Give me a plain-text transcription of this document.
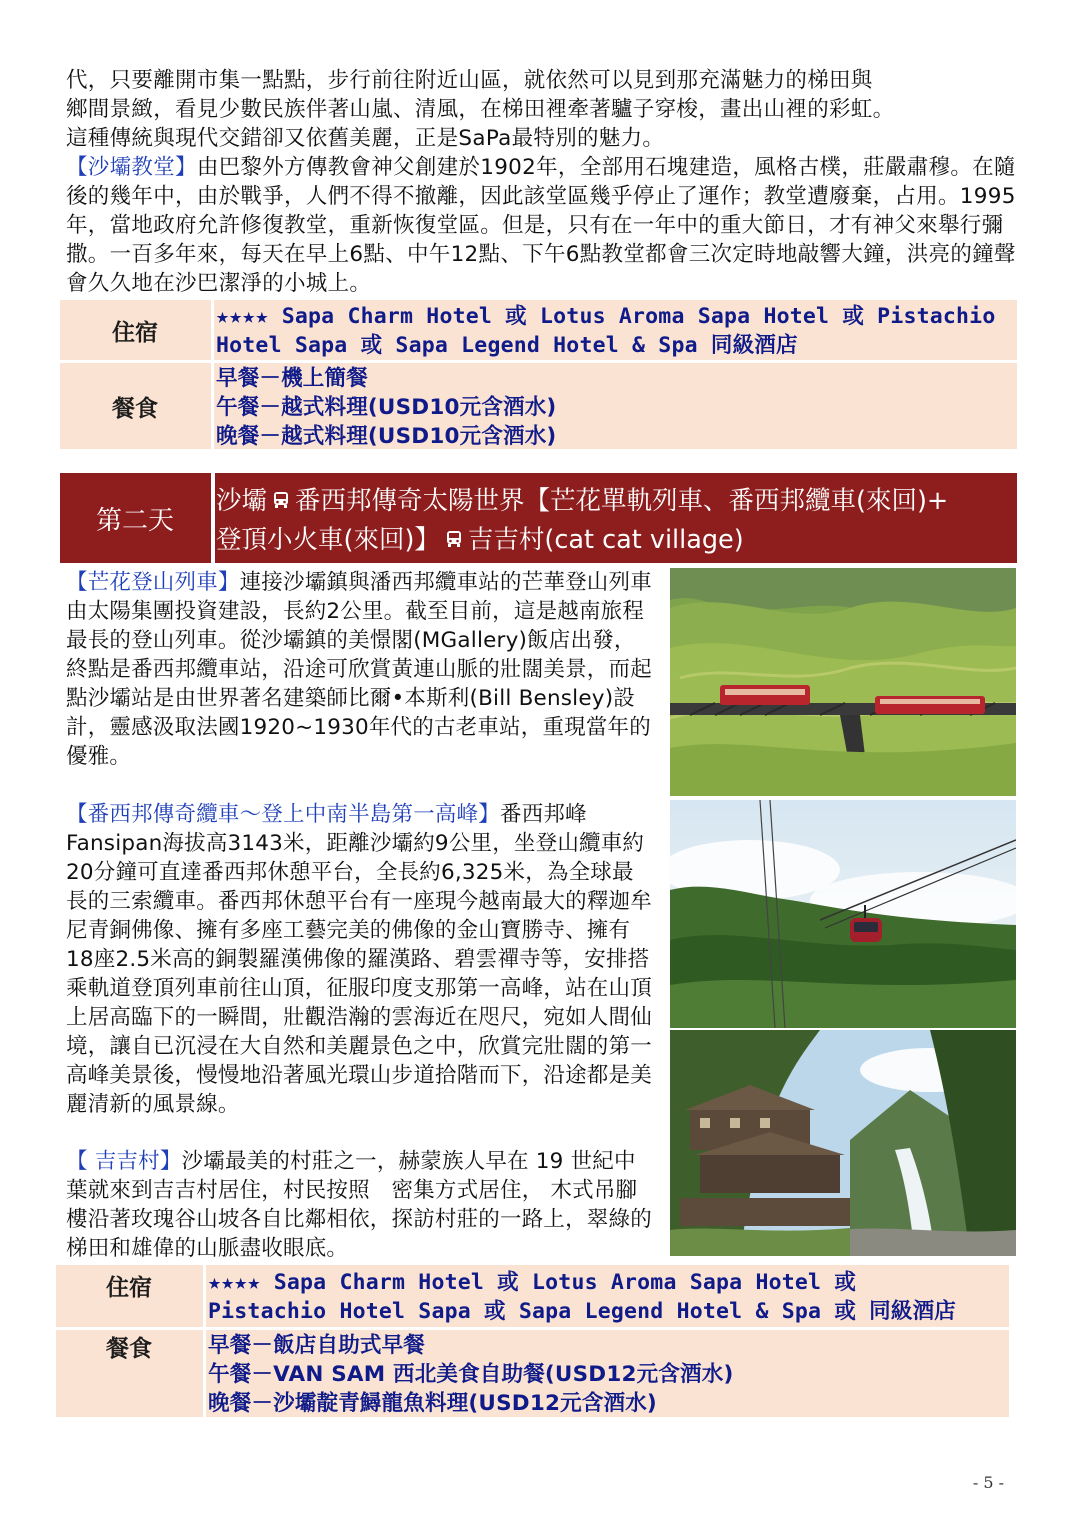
代，只要離開市集一點點，步行前往附近山區，就依然可以見到那充滿魅力的梯田與
鄉間景緻，看見少數民族伴著山嵐、清風，在梯田裡牽著驢子穿梭，畫出山裡的彩虹。
這種傳統與現代交錯卻又依舊美麗，正是SaPa最特別的魅力。

【沙壩教堂】由巴黎外方傳教會神父創建於1902年，全部用石塊建造，風格古樸，莊嚴肅穆。在隨後的幾年中，由於戰爭，人們不得不撤離，因此該堂區幾乎停止了運作；教堂遭廢棄，占用。1995年，當地政府允許修復教堂，重新恢復堂區。但是，只有在一年中的重大節日，才有神父來舉行彌撒。一百多年來，每天在早上6點、中午12點、下午6點教堂都會三次定時地敲響大鐘，洪亮的鐘聲會久久地在沙巴潔淨的小城上。

住宿
★★★★ Sapa Charm Hotel 或 Lotus Aroma Sapa Hotel 或 Pistachio
Hotel Sapa 或 Sapa Legend Hotel & Spa 同級酒店
餐食
早餐－機上簡餐
午餐－越式料理(USD10元含酒水)
晚餐－越式料理(USD10元含酒水)
第二天
沙壩 番西邦傳奇太陽世界【芒花單軌列車、番西邦纜車(來回)+
登頂小火車(來回)】 吉吉村(cat cat village)

【芒花登山列車】連接沙壩鎮與潘西邦纜車站的芒華登山列車由太陽集團投資建設，長約2公里。截至目前，這是越南旅程最長的登山列車。從沙壩鎮的美憬閣(MGallery)飯店出發，終點是番西邦纜車站，沿途可欣賞黃連山脈的壯闊美景，而起點沙壩站是由世界著名建築師比爾•本斯利(Bill Bensley)設計，靈感汲取法國1920~1930年代的古老車站，重現當年的優雅。

【番西邦傳奇纜車～登上中南半島第一高峰】番西邦峰 Fansipan海拔高3143米，距離沙壩約9公里，坐登山纜車約20分鐘可直達番西邦休憩平台，全長約6,325米，為全球最長的三索纜車。番西邦休憩平台有一座現今越南最大的釋迦牟尼青銅佛像、擁有多座工藝完美的佛像的金山寶勝寺、擁有18座2.5米高的銅製羅漢佛像的羅漢路、碧雲禪寺等，安排搭乘軌道登頂列車前往山頂，征服印度支那第一高峰，站在山頂上居高臨下的一瞬間，壯觀浩瀚的雲海近在咫尺，宛如人間仙境，讓自已沉浸在大自然和美麗景色之中，欣賞完壯闊的第一高峰美景後，慢慢地沿著風光環山步道拾階而下，沿途都是美麗清新的風景線。

【 吉吉村】沙壩最美的村莊之一，赫蒙族人早在 19 世紀中葉就來到吉吉村居住，村民按照　密集方式居住， 木式吊腳樓沿著玫瑰谷山坡各自比鄰相依，探訪村莊的一路上，翠綠的梯田和雄偉的山脈盡收眼底。

住宿	★★★★ Sapa Charm Hotel 或 Lotus Aroma Sapa Hotel 或
Pistachio Hotel Sapa 或 Sapa Legend Hotel & Spa 或 同級酒店
餐食	早餐－飯店自助式早餐
午餐－VAN SAM 西北美食自助餐(USD12元含酒水)
晚餐－沙壩靛青鱘龍魚料理(USD12元含酒水)
- 5 -
